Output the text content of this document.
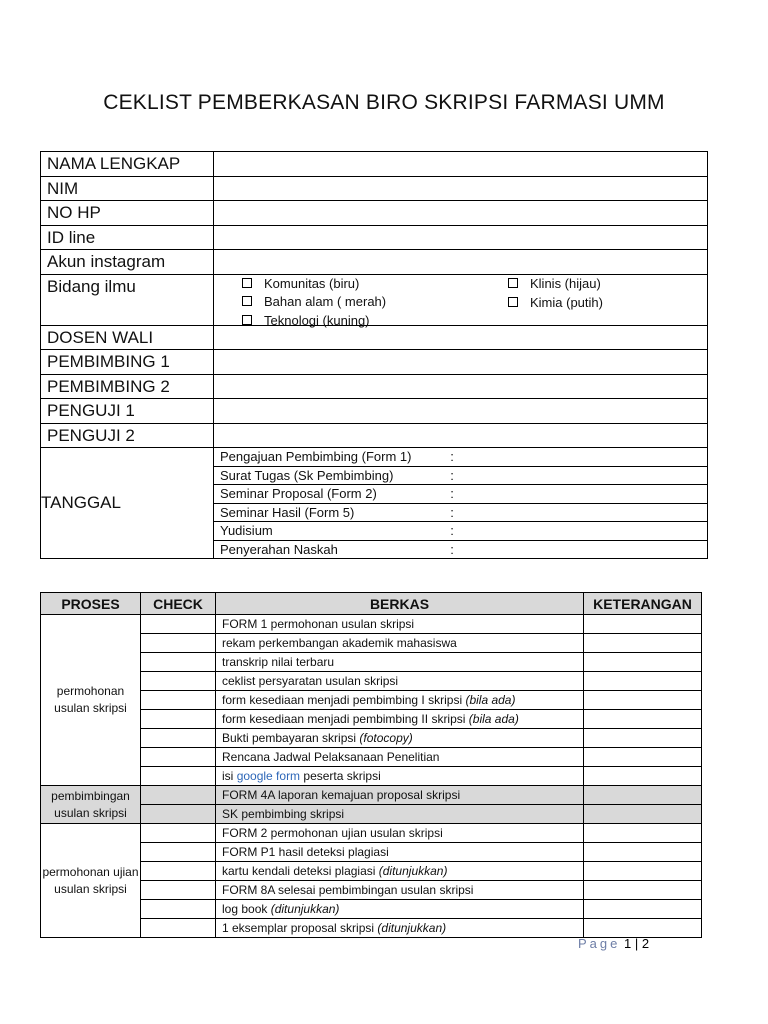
CEKLIST PEMBERKASAN BIRO SKRIPSI FARMASI UMM
NAMA LENGKAP	
NIM	
NO HP	
ID line	
Akun instagram	
Bidang ilmu	Komunitas (biru)
Bahan alam ( merah)
Teknologi (kuning)
Klinis (hijau)
Kimia (putih)

DOSEN WALI	
PEMBIMBING 1	
PEMBIMBING 2	
PENGUJI 1	
PENGUJI 2	
TANGGAL	
Pengajuan Pembimbing (Form 1)	:
Surat Tugas (Sk Pembimbing)	:
Seminar Proposal (Form 2)	:
Seminar Hasil (Form 5)	:
Yudisium	:
Penyerahan Naskah	:
PROSES	CHECK	BERKAS	KETERANGAN
permohonan usulan skripsi		FORM 1 permohonan usulan skripsi	
		rekam perkembangan akademik mahasiswa	
		transkrip nilai terbaru	
		ceklist persyaratan usulan skripsi	
		form kesediaan menjadi pembimbing I skripsi (bila ada)	
		form kesediaan menjadi pembimbing II skripsi (bila ada)	
		Bukti pembayaran skripsi (fotocopy)	
		Rencana Jadwal Pelaksanaan Penelitian	
		isi google form peserta skripsi	
pembimbingan usulan skripsi		FORM 4A laporan kemajuan proposal skripsi	
		SK pembimbing skripsi	
permohonan ujian usulan skripsi		FORM 2 permohonan ujian usulan skripsi	
		FORM P1 hasil deteksi plagiasi	
		kartu kendali deteksi plagiasi (ditunjukkan)	
		FORM 8A selesai pembimbingan usulan skripsi	
		log book (ditunjukkan)	
		1 eksemplar proposal skripsi (ditunjukkan)	
Page 1 | 2
